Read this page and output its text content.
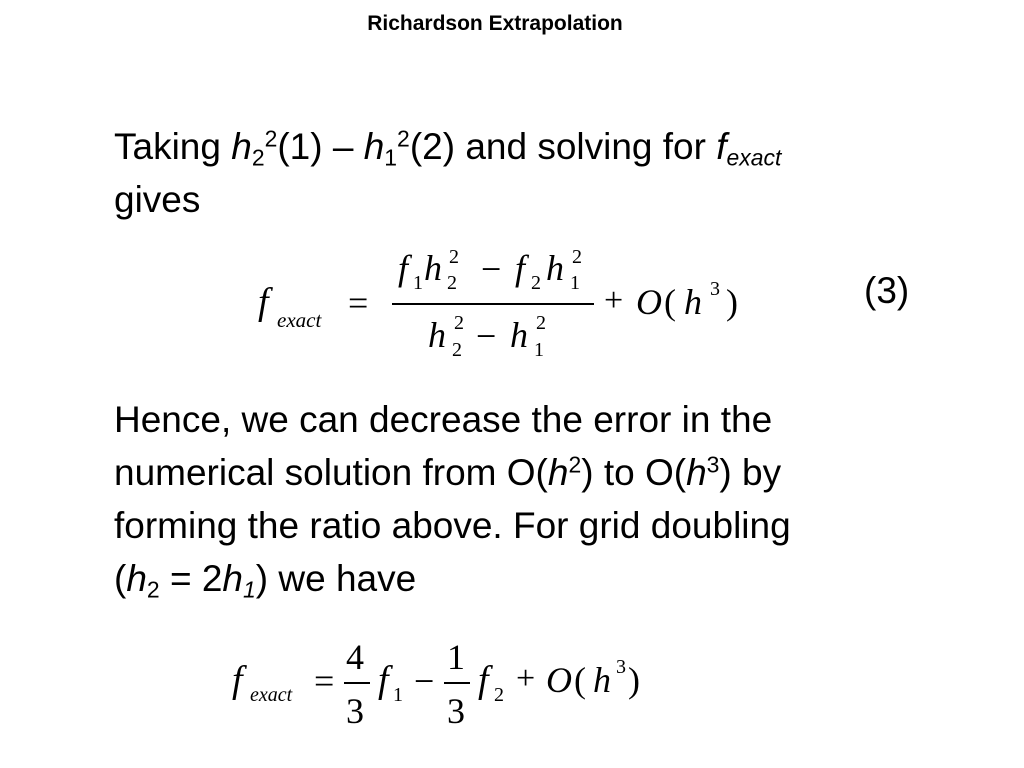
Richardson Extrapolation
Taking $h_2^2(1) - h_1^2(2)$ and solving for $f_{exact}$
gives
f exact =
f 1 h 2
2 − f 2 h 1
2
h 2
2 − h 1
2
+ O ( h 3 )	(3)
Hence, we can decrease the error in the
numerical solution from $O(h^2)$ to $O(h^3)$ by
forming the ratio above. For grid doubling
$(h_2 = 2h_1)$ we have
f exact =
4
3
f 1 −
1
3
f 2 + O ( h 3 )
